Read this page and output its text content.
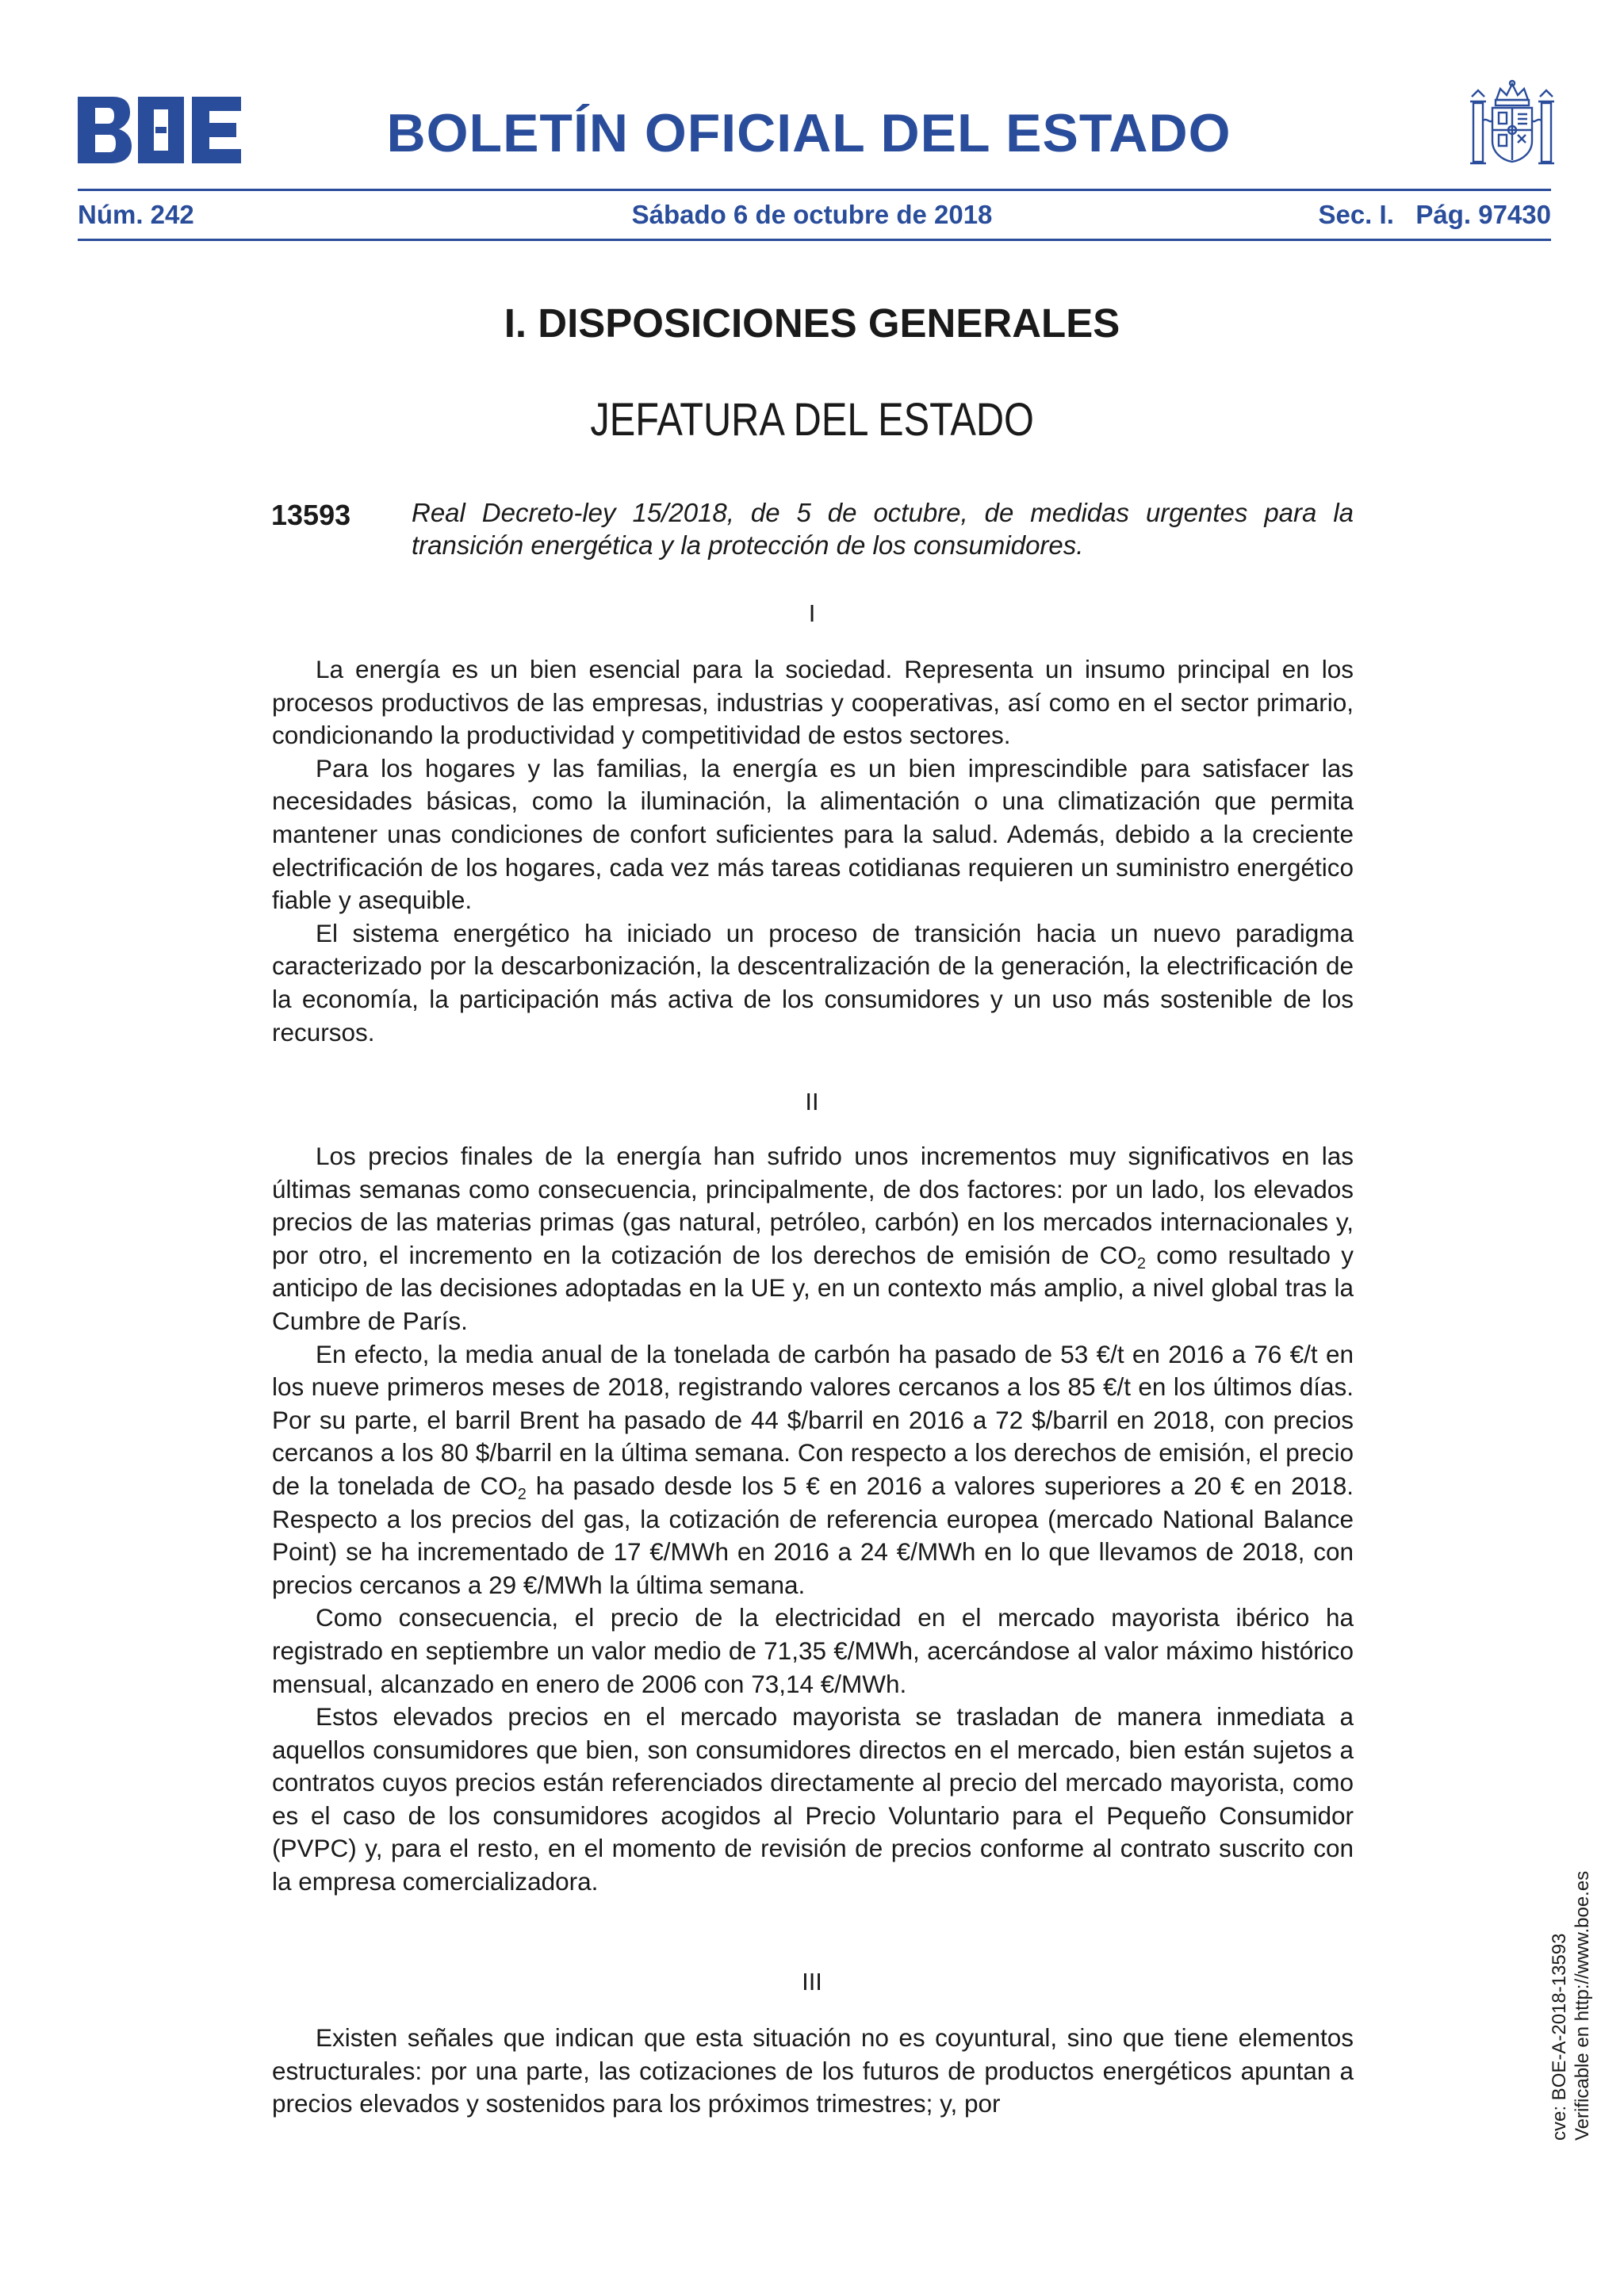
BOLETÍN OFICIAL DEL ESTADO
Núm. 242	Sábado 6 de octubre de 2018	Sec. I.   Pág. 97430
I. DISPOSICIONES GENERALES
JEFATURA DEL ESTADO
13593 Real Decreto-ley 15/2018, de 5 de octubre, de medidas urgentes para la transición energética y la protección de los consumidores.
I

La energía es un bien esencial para la sociedad. Representa un insumo principal en los procesos productivos de las empresas, industrias y cooperativas, así como en el sector primario, condicionando la productividad y competitividad de estos sectores.

Para los hogares y las familias, la energía es un bien imprescindible para satisfacer las necesidades básicas, como la iluminación, la alimentación o una climatización que permita mantener unas condiciones de confort suficientes para la salud. Además, debido a la creciente electrificación de los hogares, cada vez más tareas cotidianas requieren un suministro energético fiable y asequible.

El sistema energético ha iniciado un proceso de transición hacia un nuevo paradigma caracterizado por la descarbonización, la descentralización de la generación, la electrificación de la economía, la participación más activa de los consumidores y un uso más sostenible de los recursos.

II

Los precios finales de la energía han sufrido unos incrementos muy significativos en las últimas semanas como consecuencia, principalmente, de dos factores: por un lado, los elevados precios de las materias primas (gas natural, petróleo, carbón) en los mercados internacionales y, por otro, el incremento en la cotización de los derechos de emisión de $CO_2$ como resultado y anticipo de las decisiones adoptadas en la UE y, en un contexto más amplio, a nivel global tras la Cumbre de París.

En efecto, la media anual de la tonelada de carbón ha pasado de 53 €/t en 2016 a 76 €/t en los nueve primeros meses de 2018, registrando valores cercanos a los 85 €/t en los últimos días. Por su parte, el barril Brent ha pasado de 44 $/barril en 2016 a 72 $/barril en 2018, con precios cercanos a los 80 $/barril en la última semana. Con respecto a los derechos de emisión, el precio de la tonelada de $CO_2$ ha pasado desde los 5 € en 2016 a valores superiores a 20 € en 2018. Respecto a los precios del gas, la cotización de referencia europea (mercado National Balance Point) se ha incrementado de 17 €/MWh en 2016 a 24 €/MWh en lo que llevamos de 2018, con precios cercanos a 29 €/MWh la última semana.

Como consecuencia, el precio de la electricidad en el mercado mayorista ibérico ha registrado en septiembre un valor medio de 71,35 €/MWh, acercándose al valor máximo histórico mensual, alcanzado en enero de 2006 con 73,14 €/MWh.

Estos elevados precios en el mercado mayorista se trasladan de manera inmediata a aquellos consumidores que bien, son consumidores directos en el mercado, bien están sujetos a contratos cuyos precios están referenciados directamente al precio del mercado mayorista, como es el caso de los consumidores acogidos al Precio Voluntario para el Pequeño Consumidor (PVPC) y, para el resto, en el momento de revisión de precios conforme al contrato suscrito con la empresa comercializadora.

III

Existen señales que indican que esta situación no es coyuntural, sino que tiene elementos estructurales: por una parte, las cotizaciones de los futuros de productos energéticos apuntan a precios elevados y sostenidos para los próximos trimestres; y, por	cve: BOE-A-2018-13593 Verificable en http://www.boe.es
